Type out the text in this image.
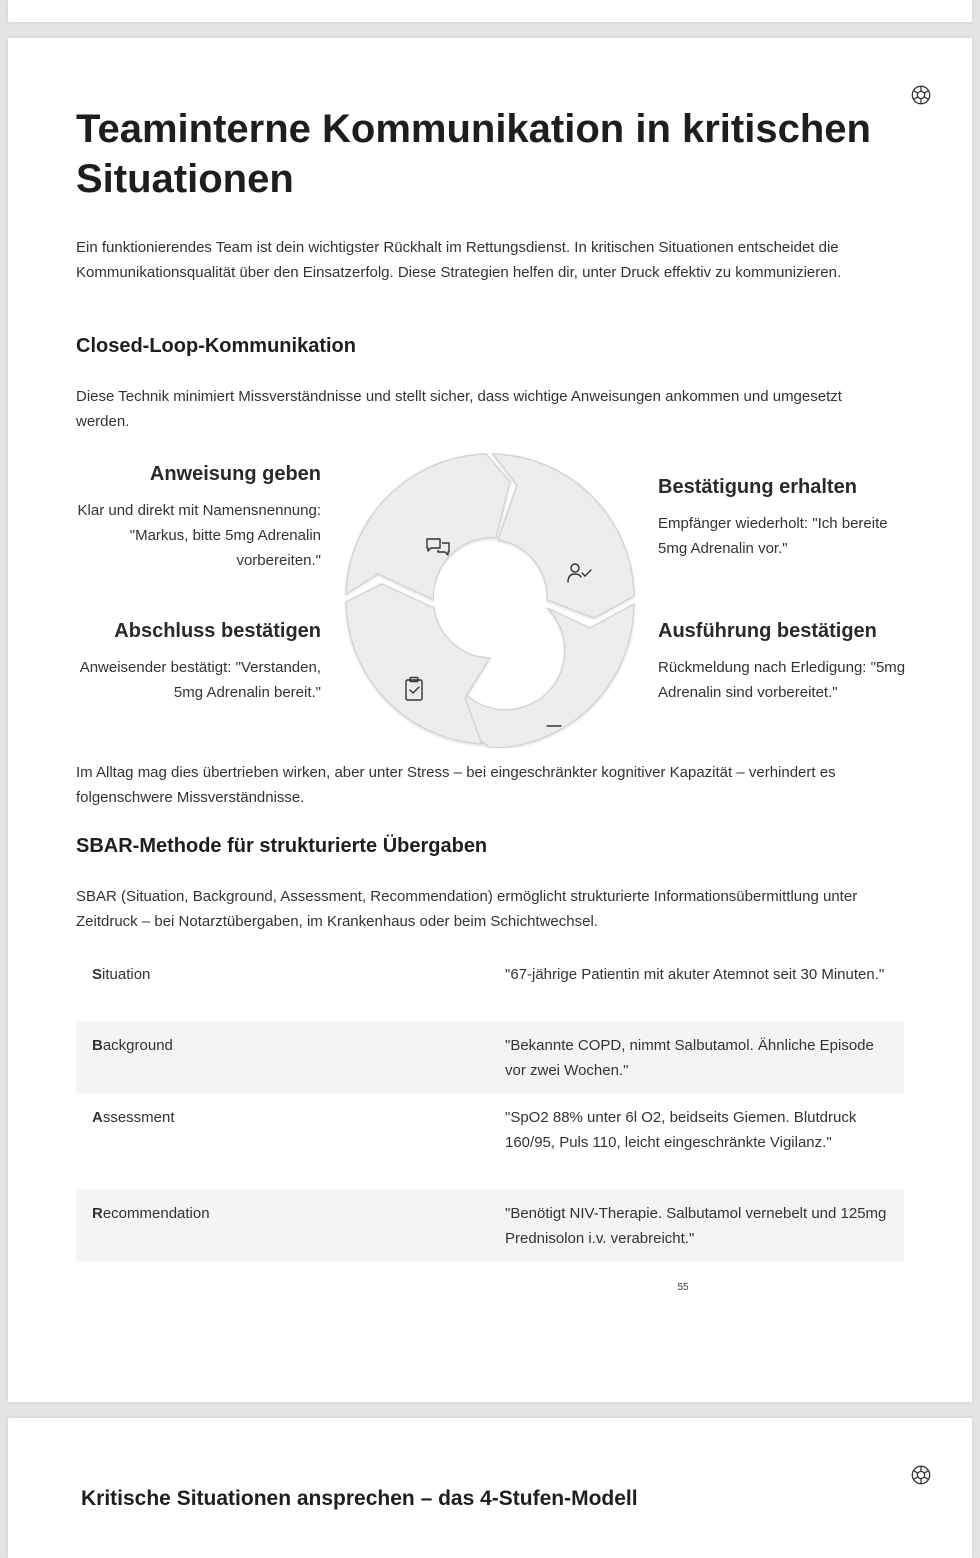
Teaminterne Kommunikation in kritischen Situationen

Ein funktionierendes Team ist dein wichtigster Rückhalt im Rettungsdienst. In kritischen Situationen entscheidet die Kommunikationsqualität über den Einsatzerfolg. Diese Strategien helfen dir, unter Druck effektiv zu kommunizieren.

Closed-Loop-Kommunikation

Diese Technik minimiert Missverständnisse und stellt sicher, dass wichtige Anweisungen ankommen und umgesetzt werden.

Anweisung geben

Klar und direkt mit Namensnennung: "Markus, bitte 5mg Adrenalin vorbereiten."

Bestätigung erhalten

Empfänger wiederholt: "Ich bereite 5mg Adrenalin vor."

Ausführung bestätigen

Rückmeldung nach Erledigung: "5mg Adrenalin sind vorbereitet."

Abschluss bestätigen

Anweisender bestätigt: "Verstanden, 5mg Adrenalin bereit."

Im Alltag mag dies übertrieben wirken, aber unter Stress – bei eingeschränkter kognitiver Kapazität – verhindert es folgenschwere Missverständnisse.

SBAR-Methode für strukturierte Übergaben

SBAR (Situation, Background, Assessment, Recommendation) ermöglicht strukturierte Informationsübermittlung unter Zeitdruck – bei Notarztübergaben, im Krankenhaus oder beim Schichtwechsel.

Situation	"67-jährige Patientin mit akuter Atemnot seit 30 Minuten."
Background	"Bekannte COPD, nimmt Salbutamol. Ähnliche Episode vor zwei Wochen."
Assessment	"SpO2 88% unter 6l O2, beidseits Giemen. Blutdruck 160/95, Puls 110, leicht eingeschränkte Vigilanz."
Recommendation	"Benötigt NIV-Therapie. Salbutamol vernebelt und 125mg Prednisolon i.v. verabreicht."
55
Kritische Situationen ansprechen – das 4-Stufen-Modell
